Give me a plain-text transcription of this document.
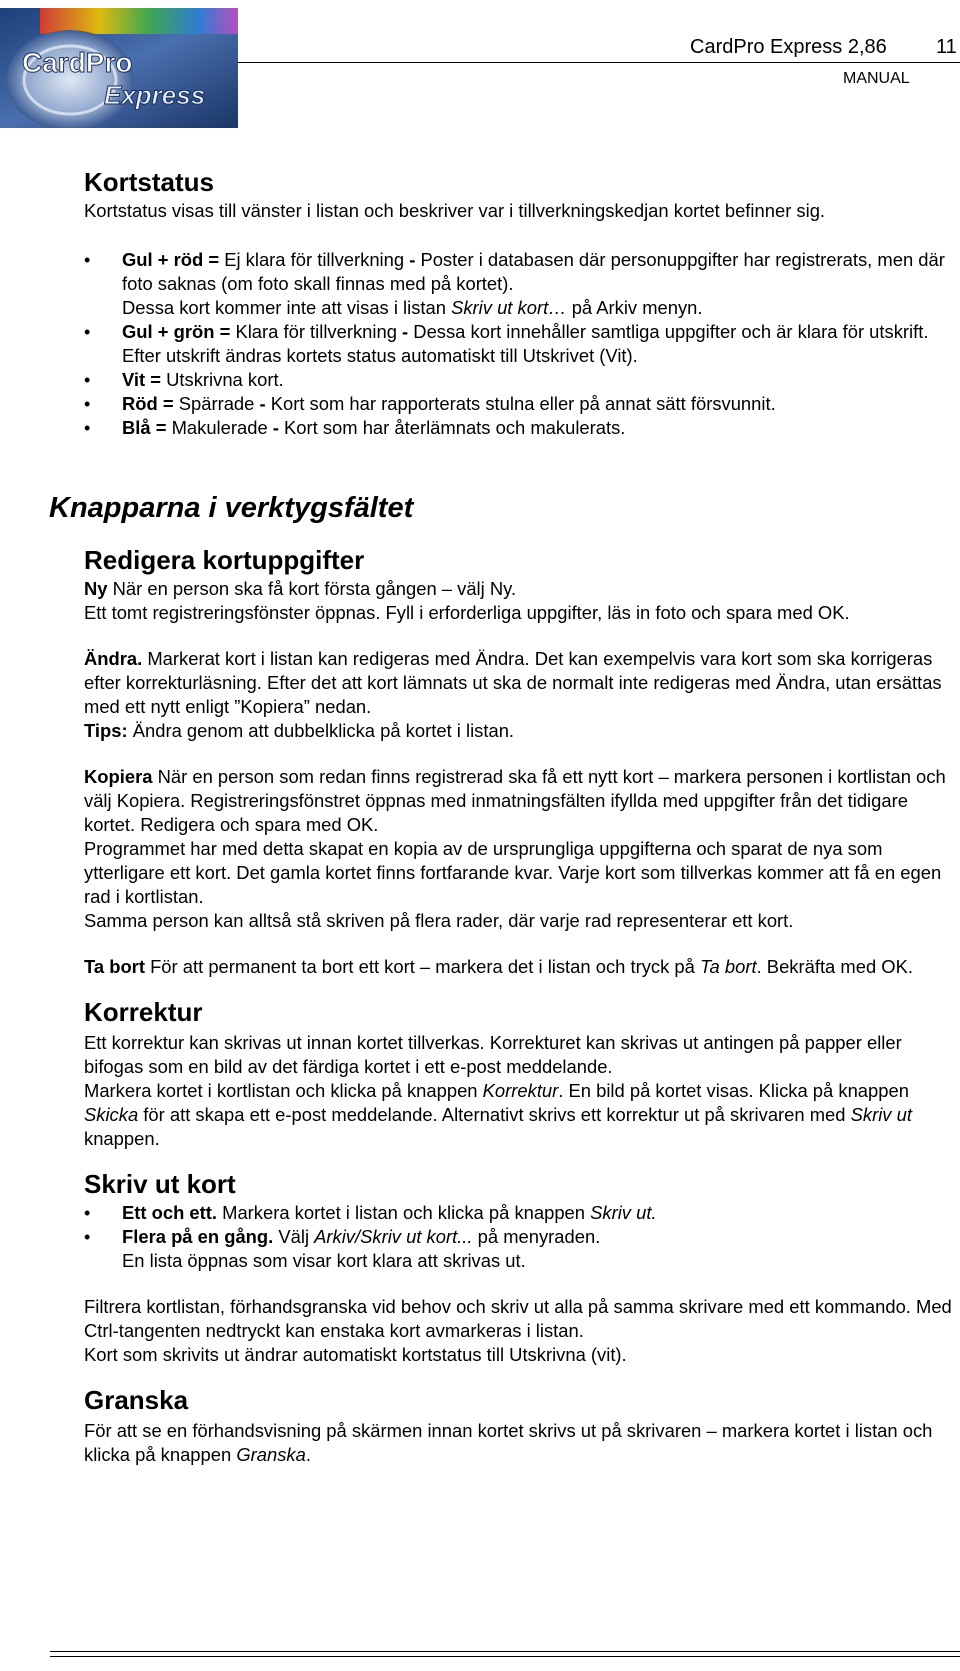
CardPro
Express
CardPro Express 2,86 11
MANUAL
Kortstatus

Kortstatus visas till vänster i listan och beskriver var i tillverkningskedjan kortet befinner sig.

• Gul + röd = Ej klara för tillverkning - Poster i databasen där personuppgifter har registrerats, men där foto saknas (om foto skall finnas med på kortet).
Dessa kort kommer inte att visas i listan Skriv ut kort… på Arkiv menyn.
• Gul + grön = Klara för tillverkning - Dessa kort innehåller samtliga uppgifter och är klara för utskrift. Efter utskrift ändras kortets status automatiskt till Utskrivet (Vit).
• Vit = Utskrivna kort.
• Röd = Spärrade - Kort som har rapporterats stulna eller på annat sätt försvunnit.
• Blå = Makulerade - Kort som har återlämnats och makulerats.
Knapparna i verktygsfältet
Redigera kortuppgifter

Ny När en person ska få kort första gången – välj Ny.

Ett tomt registreringsfönster öppnas. Fyll i erforderliga uppgifter, läs in foto och spara med OK.

Ändra. Markerat kort i listan kan redigeras med Ändra. Det kan exempelvis vara kort som ska korrigeras efter korrekturläsning. Efter det att kort lämnats ut ska de normalt inte redigeras med Ändra, utan ersättas med ett nytt enligt ”Kopiera” nedan.

Tips: Ändra genom att dubbelklicka på kortet i listan.

Kopiera När en person som redan finns registrerad ska få ett nytt kort – markera personen i kortlistan och välj Kopiera. Registreringsfönstret öppnas med inmatningsfälten ifyllda med uppgifter från det tidigare kortet. Redigera och spara med OK.

Programmet har med detta skapat en kopia av de ursprungliga uppgifterna och sparat de nya som ytterligare ett kort. Det gamla kortet finns fortfarande kvar. Varje kort som tillverkas kommer att få en egen rad i kortlistan.

Samma person kan alltså stå skriven på flera rader, där varje rad representerar ett kort.

Ta bort För att permanent ta bort ett kort – markera det i listan och tryck på Ta bort. Bekräfta med OK.

Korrektur

Ett korrektur kan skrivas ut innan kortet tillverkas. Korrekturet kan skrivas ut antingen på papper eller bifogas som en bild av det färdiga kortet i ett e-post meddelande.

Markera kortet i kortlistan och klicka på knappen Korrektur. En bild på kortet visas. Klicka på knappen Skicka för att skapa ett e-post meddelande. Alternativt skrivs ett korrektur ut på skrivaren med Skriv ut knappen.

Skriv ut kort
• Ett och ett. Markera kortet i listan och klicka på knappen Skriv ut.
• Flera på en gång. Välj Arkiv/Skriv ut kort... på menyraden.
En lista öppnas som visar kort klara att skrivas ut.

Filtrera kortlistan, förhandsgranska vid behov och skriv ut alla på samma skrivare med ett kommando. Med Ctrl-tangenten nedtryckt kan enstaka kort avmarkeras i listan.

Kort som skrivits ut ändrar automatiskt kortstatus till Utskrivna (vit).

Granska

För att se en förhandsvisning på skärmen innan kortet skrivs ut på skrivaren – markera kortet i listan och klicka på knappen Granska.
